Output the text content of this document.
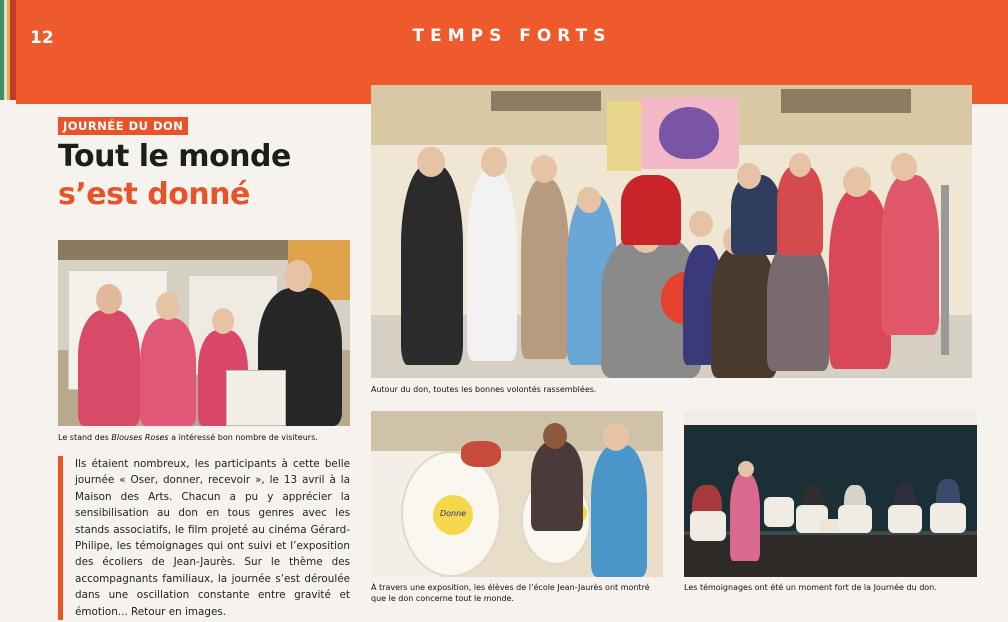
12	TEMPS FORTS
JOURNÉE DU DON
Tout le monde
s’est donné
Le stand des Blouses Roses a intéressé bon nombre de visiteurs.

Ils étaient nombreux, les participants à cette belle journée « Oser, donner, recevoir », le 13 avril à la Maison des Arts. Chacun a pu y apprécier la sensibilisation au don en tous genres avec les stands associatifs, le film projeté au cinéma Gérard-Philipe, les témoignages qui ont suivi et l’exposition des écoliers de Jean-Jaurès. Sur le thème des accompagnants familiaux, la journée s’est déroulée dans une oscillation constante entre gravité et émotion... Retour en images.

Autour du don, toutes les bonnes volontés rassemblées.
Donne
À travers une exposition, les élèves de l’école Jean-Jaurès ont montré que le don concerne tout le monde.
Les témoignages ont été un moment fort de la Journée du don.
